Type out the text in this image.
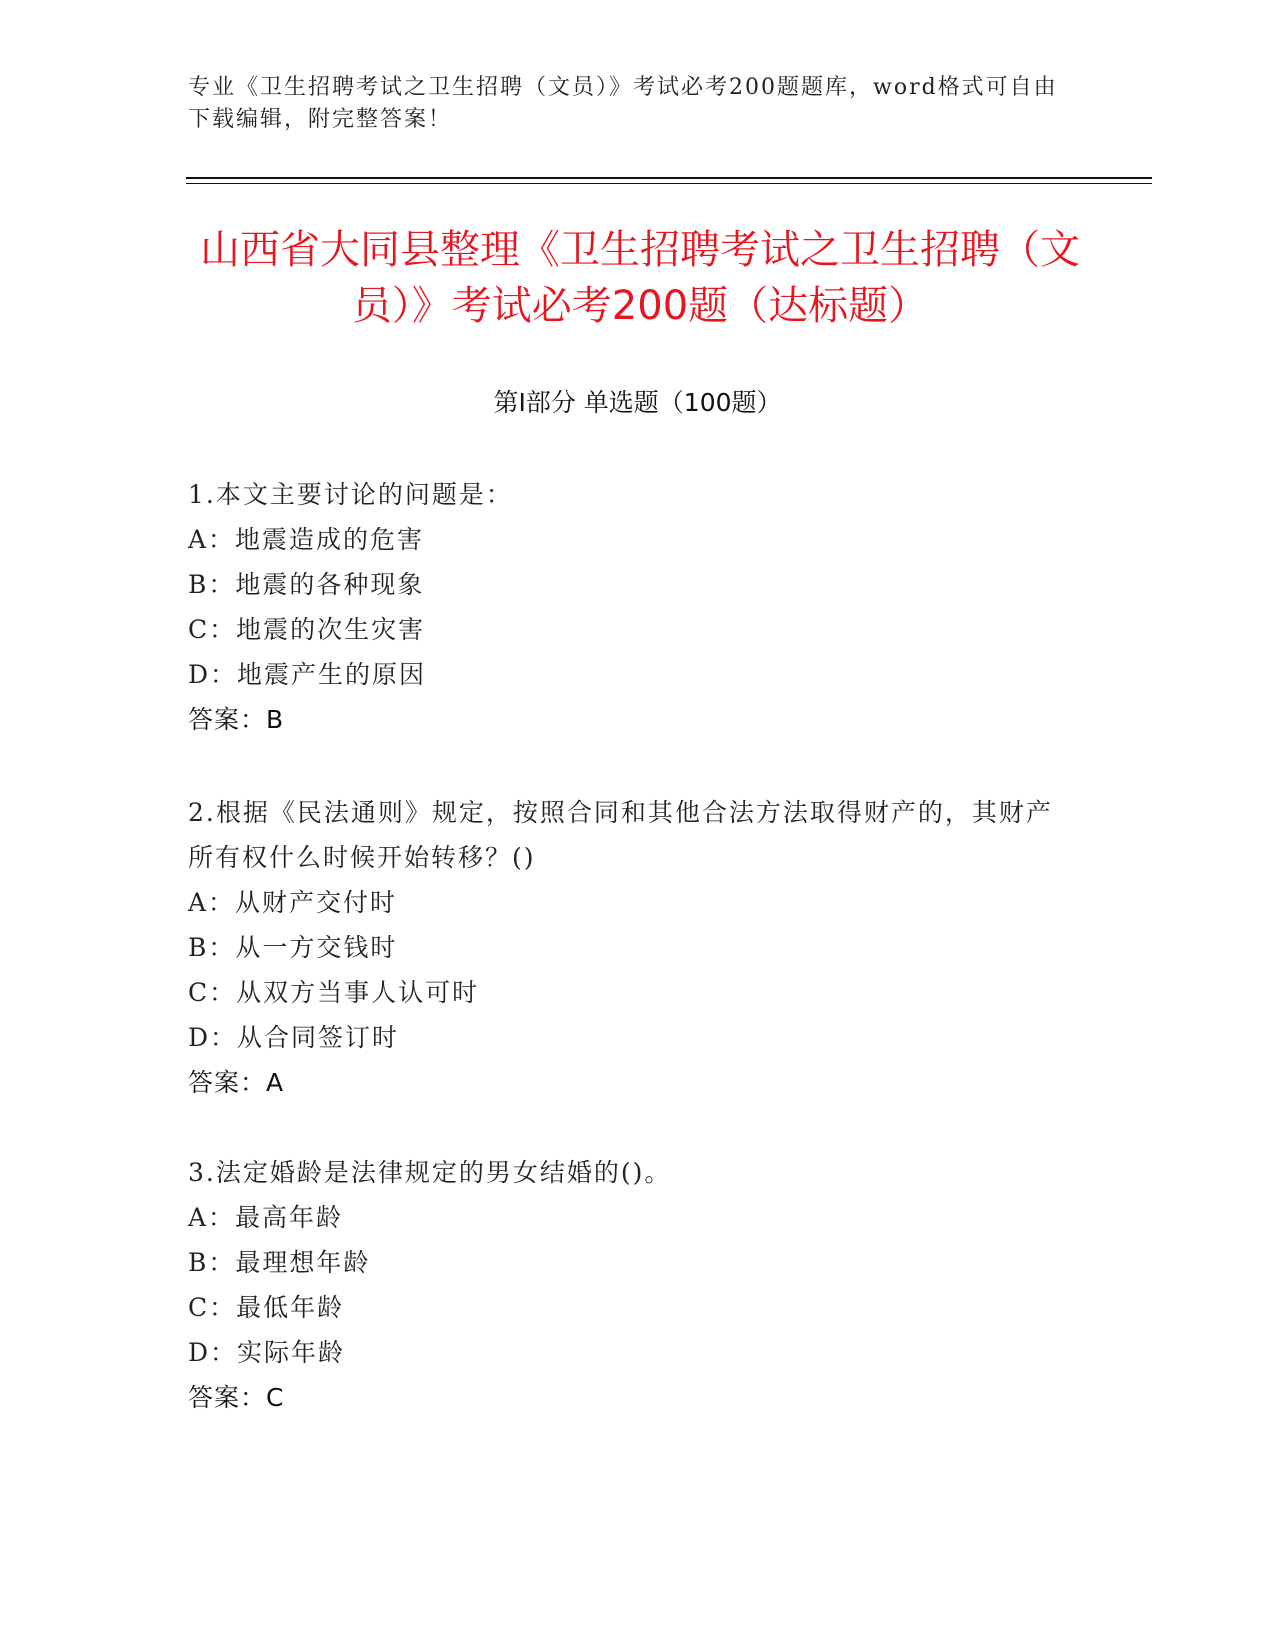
专业《卫生招聘考试之卫生招聘（文员）》考试必考200题题库，word格式可自由下载编辑，附完整答案！
山西省大同县整理《卫生招聘考试之卫生招聘（文员）》考试必考200题（达标题）
第I部分 单选题（100题）
1.本文主要讨论的问题是：
A：地震造成的危害
B：地震的各种现象
C：地震的次生灾害
D：地震产生的原因
答案：B
2.根据《民法通则》规定，按照合同和其他合法方法取得财产的，其财产所有权什么时候开始转移？()
A：从财产交付时
B：从一方交钱时
C：从双方当事人认可时
D：从合同签订时
答案：A
3.法定婚龄是法律规定的男女结婚的()。
A：最高年龄
B：最理想年龄
C：最低年龄
D：实际年龄
答案：C
